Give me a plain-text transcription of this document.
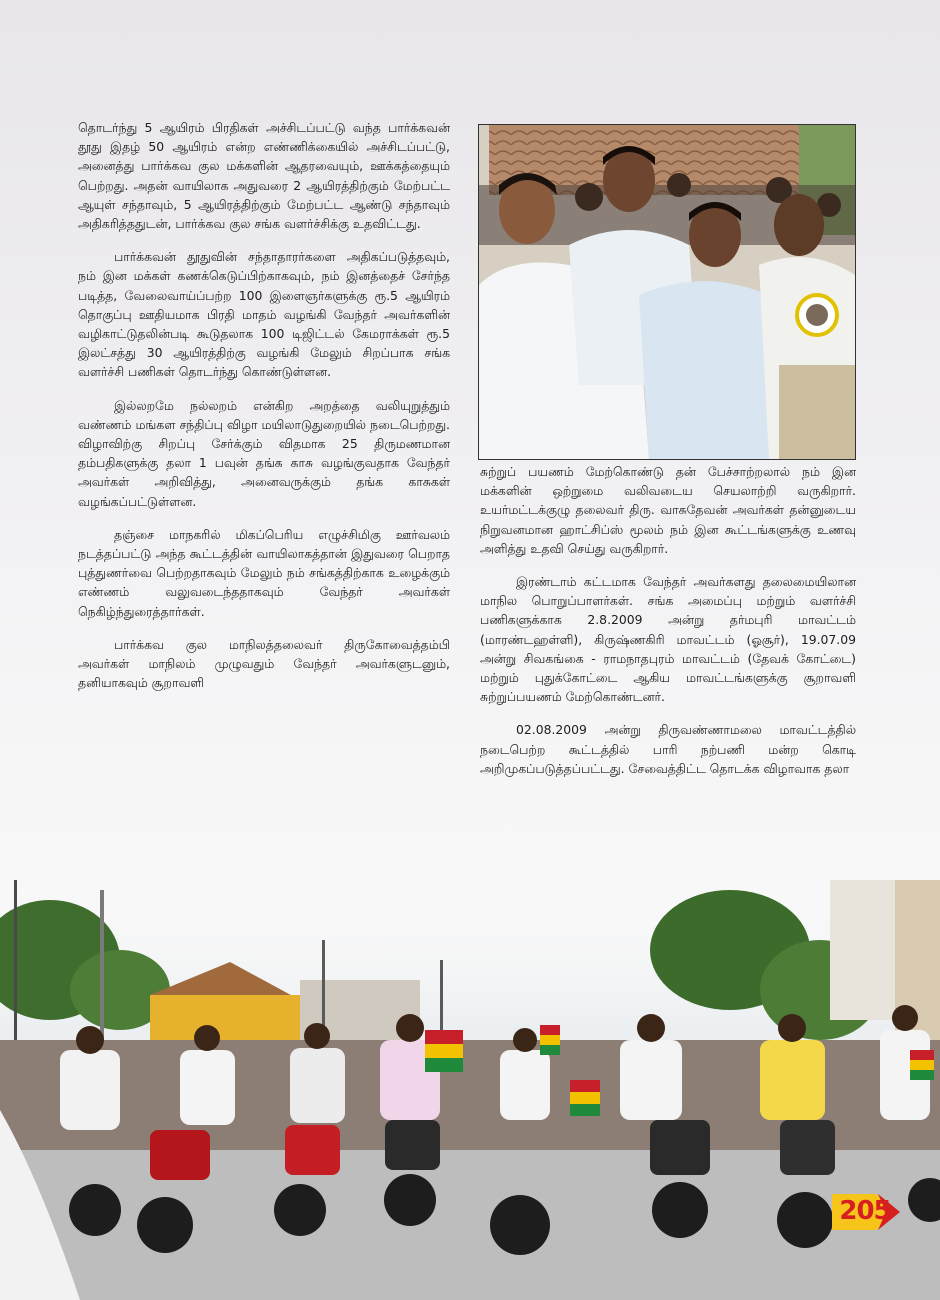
தொடர்ந்து 5 ஆயிரம் பிரதிகள் அச்சிடப்பட்டு வந்த பார்க்கவன் தூது இதழ் 50 ஆயிரம் என்ற எண்ணிக்கையில் அச்சிடப்பட்டு, அனைத்து பார்க்கவ குல மக்களின் ஆதரவையும், ஊக்கத்தையும் பெற்றது. அதன் வாயிலாக அதுவரை 2 ஆயிரத்திற்கும் மேற்பட்ட ஆயுள் சந்தாவும், 5 ஆயிரத்திற்கும் மேற்பட்ட ஆண்டு சந்தாவும் அதிகரித்ததுடன், பார்க்கவ குல சங்க வளர்ச்சிக்கு உதவிட்டது.

பார்க்கவன் தூதுவின் சந்தாதாரர்களை அதிகப்படுத்தவும், நம் இன மக்கள் கணக்கெடுப்பிற்காகவும், நம் இனத்தைச் சேர்ந்த படித்த, வேலைவாய்ப்பற்ற 100 இளைஞர்களுக்கு ரூ.5 ஆயிரம் தொகுப்பு ஊதியமாக பிரதி மாதம் வழங்கி வேந்தர் அவர்களின் வழிகாட்டுதலின்படி கூடுதலாக 100 டிஜிட்டல் கேமராக்கள் ரூ.5 இலட்சத்து 30 ஆயிரத்திற்கு வழங்கி மேலும் சிறப்பாக சங்க வளர்ச்சி பணிகள் தொடர்ந்து கொண்டுள்ளன.

இல்லறமே நல்லறம் என்கிற அறத்தை வலியுறுத்தும் வண்ணம் மங்கள சந்திப்பு விழா மயிலாடுதுறையில் நடைபெற்றது. விழாவிற்கு சிறப்பு சேர்க்கும் விதமாக 25 திருமணமான தம்பதிகளுக்கு தலா 1 பவுன் தங்க காசு வழங்குவதாக வேந்தர் அவர்கள் அறிவித்து, அனைவருக்கும் தங்க காசுகள் வழங்கப்பட்டுள்ளன.

தஞ்சை மாநகரில் மிகப்பெரிய எழுச்சிமிகு ஊர்வலம் நடத்தப்பட்டு அந்த கூட்டத்தின் வாயிலாகத்தான் இதுவரை பெறாத புத்துணர்வை பெற்றதாகவும் மேலும் நம் சங்கத்திற்காக உழைக்கும் எண்ணம் வலுவடைந்ததாகவும் வேந்தர் அவர்கள் நெகிழ்ந்துரைத்தார்கள்.

பார்க்கவ குல மாநிலத்தலைவர் திருகோவைத்தம்பி அவர்கள் மாநிலம் முழுவதும் வேந்தர் அவர்களுடனும், தனியாகவும் சூறாவளி

சுற்றுப் பயணம் மேற்கொண்டு தன் பேச்சாற்றலால் நம் இன மக்களின் ஒற்றுமை வலிவடைய செயலாற்றி வருகிறார். உயர்மட்டக்குழு தலைவர் திரு. வாசுதேவன் அவர்கள் தன்னுடைய நிறுவனமான ஹாட்சிப்ஸ் மூலம் நம் இன கூட்டங்களுக்கு உணவு அளித்து உதவி செய்து வருகிறார்.

இரண்டாம் கட்டமாக வேந்தர் அவர்களது தலைமையிலான மாநில பொறுப்பாளர்கள். சங்க அமைப்பு மற்றும் வளர்ச்சி பணிகளுக்காக 2.8.2009 அன்று தர்மபுரி மாவட்டம் (மாரண்டஹள்ளி), கிருஷ்ணகிரி மாவட்டம் (ஓசூர்), 19.07.09 அன்று சிவகங்கை - ராமநாதபுரம் மாவட்டம் (தேவக் கோட்டை) மற்றும் புதுக்கோட்டை ஆகிய மாவட்டங்களுக்கு சூறாவளி சுற்றுப்பயணம் மேற்கொண்டனர்.

02.08.2009 அன்று திருவண்ணாமலை மாவட்டத்தில் நடைபெற்ற கூட்டத்தில் பாரி நற்பணி மன்ற கொடி அறிமுகப்படுத்தப்பட்டது. சேவைத்திட்ட தொடக்க விழாவாக தலா

205
